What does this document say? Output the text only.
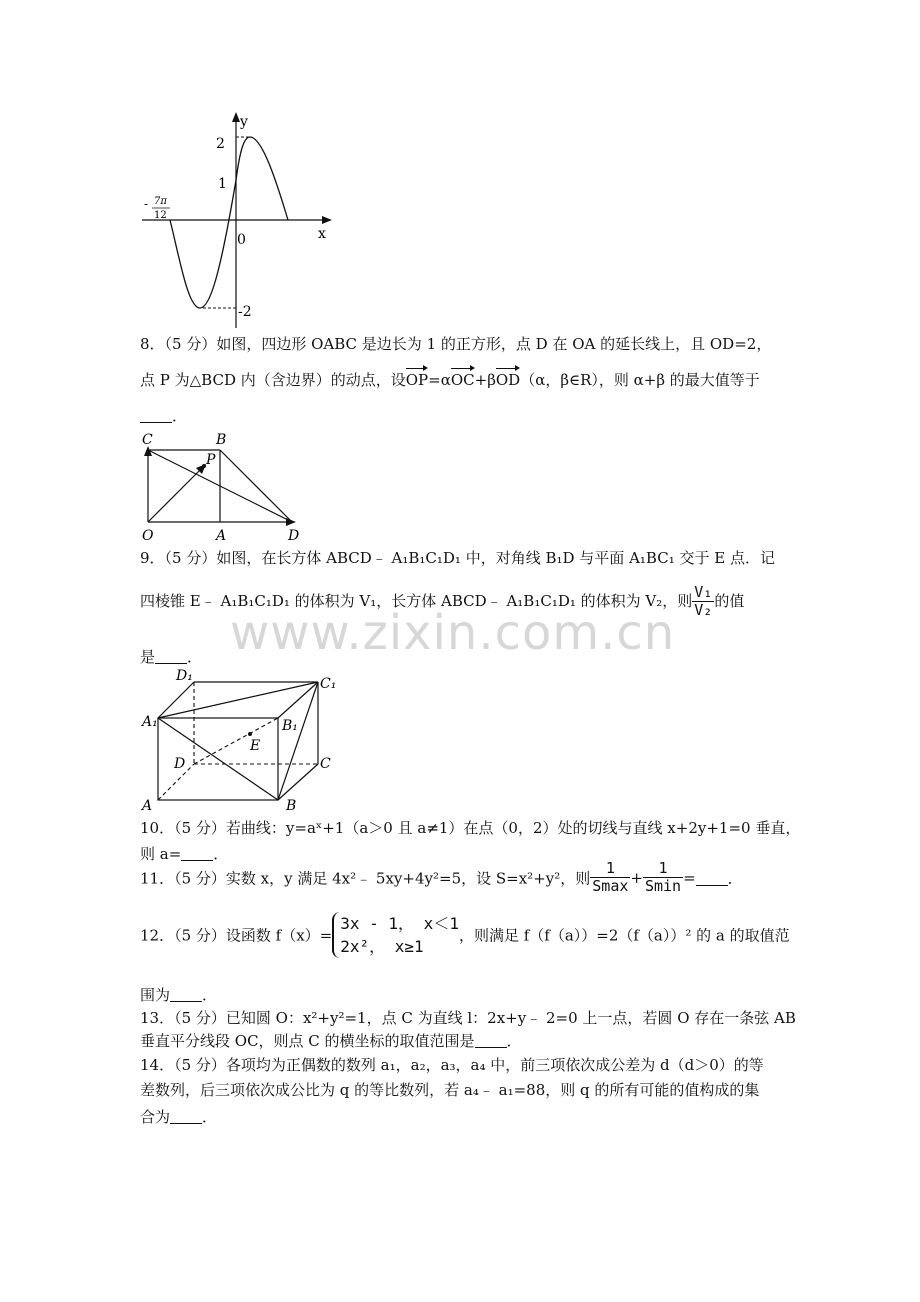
www.zixin.com.cn
y
x
2
1
0
-2
- 7π
12
8．（5 分）如图，四边形 OABC 是边长为 1 的正方形，点 D 在 OA 的延长线上，且 OD=2，
点 P 为△BCD 内（含边界）的动点，设OP=αOC+βOD（α，β∈R），则 α+β 的最大值等于
．
C	B
P
O	A	D
9．（5 分）如图，在长方体 ABCD﹣ A₁B₁C₁D₁ 中，对角线 B₁D 与平面 A₁BC₁ 交于 E 点．记
四棱锥 E﹣ A₁B₁C₁D₁ 的体积为 V₁，长方体 ABCD﹣ A₁B₁C₁D₁ 的体积为 V₂，则 $\frac{\text{V₁}}{\text{V₂}}$ 的值
是 ．
D₁	C₁
A₁	B₁
E
D	C
A	B
10．（5 分）若曲线：y=aˣ+1（a＞0 且 a≠1）在点（0，2）处的切线与直线 x+2y+1=0 垂直，
则 a= ．
11．（5 分）实数 x，y 满足 4x²﹣ 5xy+4y²=5，设 S=x²+y²，则 $\frac{1}{Smax} + \frac{1}{Smin}$ = ．
12．（5 分）设函数 f（x）=
3x - 1， x＜1
2x²， x≥1
，则满足 f（f（a））=2（f（a））² 的 a 的取值范
围为 ．
13．（5 分）已知圆 O：x²+y²=1，点 C 为直线 l：2x+y﹣ 2=0 上一点，若圆 O 存在一条弦 AB
垂直平分线段 OC，则点 C 的横坐标的取值范围是 ．
14．（5 分）各项均为正偶数的数列 a₁，a₂，a₃，a₄ 中，前三项依次成公差为 d（d＞0）的等
差数列，后三项依次成公比为 q 的等比数列，若 a₄﹣ a₁=88，则 q 的所有可能的值构成的集
合为 ．
